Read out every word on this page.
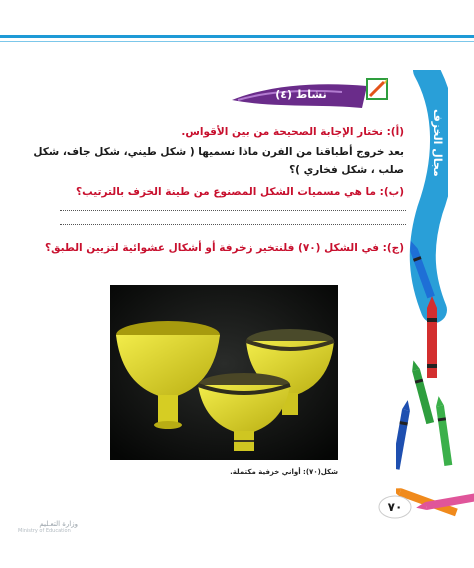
مجال الخزف
نشاط (٤)
(أ): نختار الإجابة الصحيحة من بين الأقواس.
بعد خروج أطباقنا من الفرن ماذا نسميها ( شكل طيني، شكل جاف، شكل
صلب ، شكل فخاري )؟
(ب): ما هي مسميات الشكل المصنوع من طينة الخزف بالترتيب؟
(ج): في الشكل (٧٠) فلنتخير زخرفة أو أشكال عشوائية لتزيين الطبق؟
شكل(٧٠): أواني خزفية مكتملة.
٧٠
وزارة التعـليم
Ministry of Education
